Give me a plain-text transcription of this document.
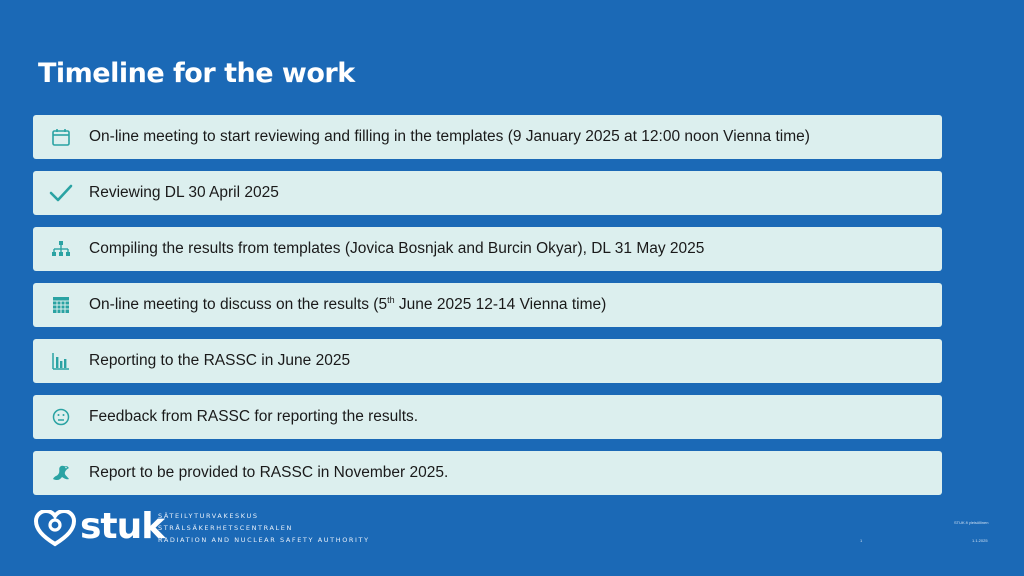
Timeline for the work
On-line meeting to start reviewing and filling in the templates (9 January 2025 at 12:00 noon Vienna time)
Reviewing DL 30 April 2025
Compiling the results from templates (Jovica Bosnjak and Burcin Okyar), DL 31 May 2025
On-line meeting to discuss on the results (5th June 2025 12-14 Vienna time)
Reporting to the RASSC in June 2025
Feedback from RASSC for reporting the results.
Report to be provided to RASSC in November 2025.
stuk
SÄTEILYTURVAKESKUS
STRÅLSÄKERHETSCENTRALEN
RADIATION AND NUCLEAR SAFETY AUTHORITY
STUK.fi yleisöllinen
1	1.1.2025
